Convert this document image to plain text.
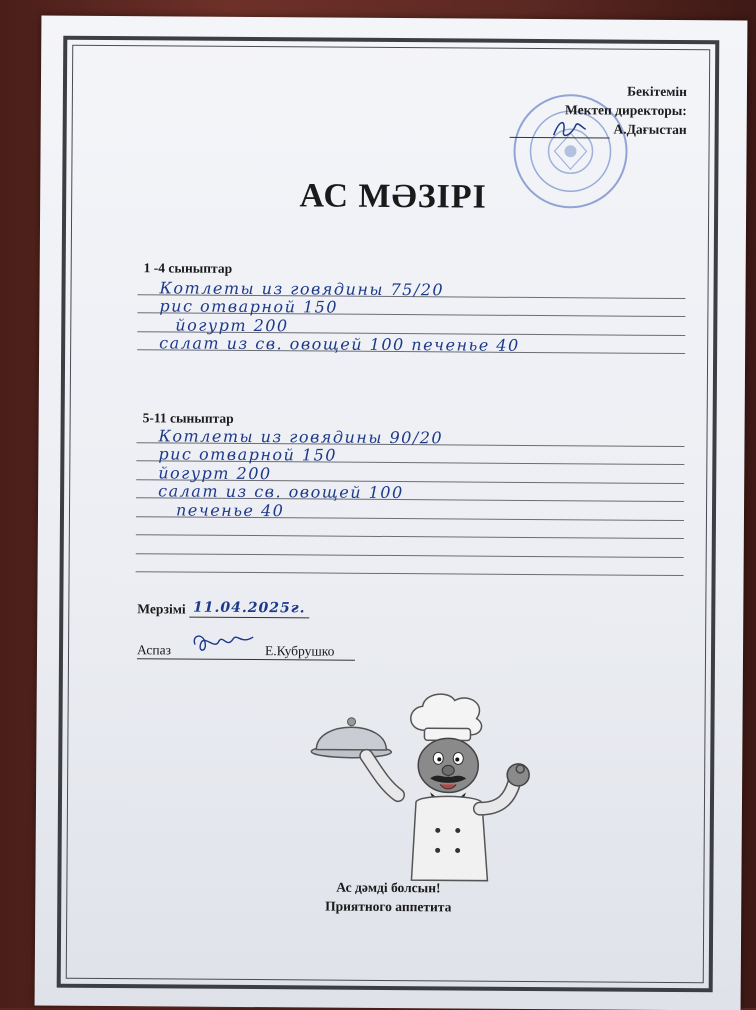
Бекітемін
Мектеп директоры:
А.Дағыстан
АС МӘЗІРІ
1 -4 сыныптар
Котлеты из говядины 75/20
рис отварной 150
йогурт 200
салат из св. овощей 100 печенье 40
5-11 сыныптар
Котлеты из говядины 90/20
рис отварной 150
йогурт 200
салат из св. овощей 100
печенье 40
Мерзімі 11.04.2025г.
Аспаз	Е.Кубрушко
Ас дәмді болсын!
Приятного аппетита
